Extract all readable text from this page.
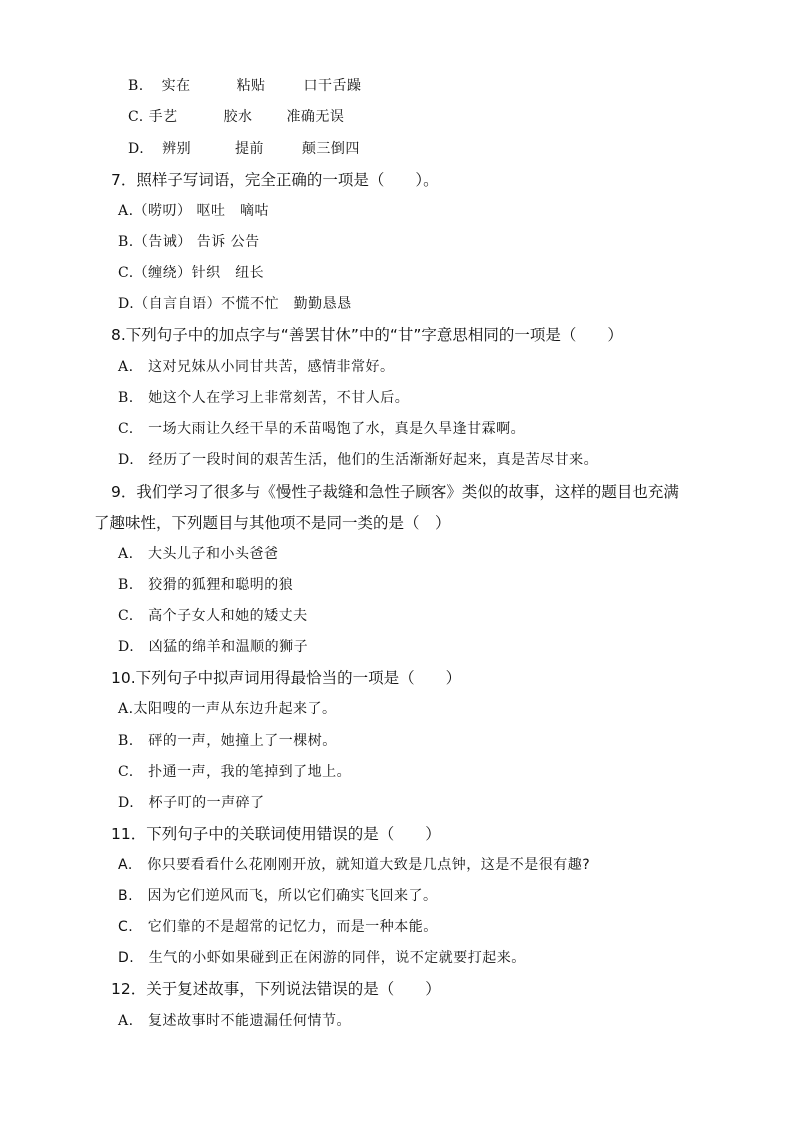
B. 实在	粘贴	口干舌躁
C. 手艺	胶水 准确无误
D. 辨别	提前	颠三倒四
7．照样子写词语，完全正确的一项是（　　）。
A.（唠叨） 呕吐　嘀咕
B.（告诫） 告诉 公告
C.（缠绕）针织　纽长
D.（自言自语）不慌不忙　勤勤恳恳
8.下列句子中的加点字与“善罢甘休”中的“甘”字意思相同的一项是（　　）
A.　这对兄妹从小同甘共苦，感情非常好。
B.　她这个人在学习上非常刻苦，不甘人后。
C.　一场大雨让久经干旱的禾苗喝饱了水，真是久旱逢甘霖啊。
D.　经历了一段时间的艰苦生活，他们的生活渐渐好起来，真是苦尽甘来。
9．我们学习了很多与《慢性子裁缝和急性子顾客》类似的故事，这样的题目也充满
了趣味性，下列题目与其他项不是同一类的是（　）
A.　大头儿子和小头爸爸
B.　狡猾的狐狸和聪明的狼
C.　高个子女人和她的矮丈夫
D.　凶猛的绵羊和温顺的狮子
10.下列句子中拟声词用得最恰当的一项是（　　）
A.太阳嗖的一声从东边升起来了。
B.　砰的一声，她撞上了一棵树。
C.　扑通一声，我的笔掉到了地上。
D.　杯子叮的一声碎了
11．下列句子中的关联词使用错误的是（　　）
A.　你只要看看什么花刚刚开放，就知道大致是几点钟，这是不是很有趣?
B.　因为它们逆风而飞，所以它们确实飞回来了。
C.　它们靠的不是超常的记忆力，而是一种本能。
D.　生气的小虾如果碰到正在闲游的同伴，说不定就要打起来。
12．关于复述故事，下列说法错误的是（　　）
A.　复述故事时不能遗漏任何情节。
